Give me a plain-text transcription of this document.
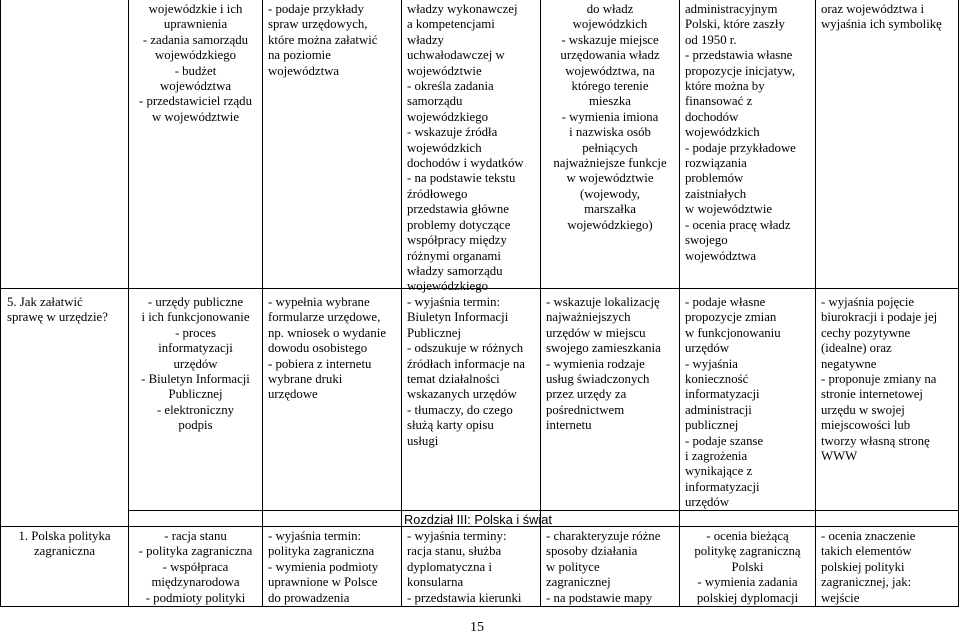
wojewódzkie i ich
uprawnienia
- zadania samorządu
wojewódzkiego
- budżet
województwa
- przedstawiciel rządu
w województwie
- podaje przykłady
spraw urzędowych,
które można załatwić
na poziomie
województwa
władzy wykonawczej
a kompetencjami
władzy
uchwałodawczej w
województwie
- określa zadania
samorządu
wojewódzkiego
- wskazuje źródła
wojewódzkich
dochodów i wydatków
- na podstawie tekstu
źródłowego
przedstawia główne
problemy dotyczące
współpracy między
różnymi organami
władzy samorządu
wojewódzkiego
do władz
wojewódzkich
- wskazuje miejsce
urzędowania władz
województwa, na
którego terenie
mieszka
- wymienia imiona
i nazwiska osób
pełniących
najważniejsze funkcje
w województwie
(wojewody,
marszałka
wojewódzkiego)
administracyjnym
Polski, które zaszły
od 1950 r.
- przedstawia własne
propozycje inicjatyw,
które można by
finansować z
dochodów
wojewódzkich
- podaje przykładowe
rozwiązania
problemów
zaistniałych
w województwie
- ocenia pracę władz
swojego
województwa
oraz województwa i
wyjaśnia ich symbolikę
5. Jak załatwić
sprawę w urzędzie?
- urzędy publiczne
i ich funkcjonowanie
- proces
informatyzacji
urzędów
- Biuletyn Informacji
Publicznej
- elektroniczny
podpis
- wypełnia wybrane
formularze urzędowe,
np. wniosek o wydanie
dowodu osobistego
- pobiera z internetu
wybrane druki
urzędowe
- wyjaśnia termin:
Biuletyn Informacji
Publicznej
- odszukuje w różnych
źródłach informacje na
temat działalności
wskazanych urzędów
- tłumaczy, do czego
służą karty opisu
usługi
- wskazuje lokalizację
najważniejszych
urzędów w miejscu
swojego zamieszkania
- wymienia rodzaje
usług świadczonych
przez urzędy za
pośrednictwem
internetu
- podaje własne
propozycje zmian
w funkcjonowaniu
urzędów
- wyjaśnia
konieczność
informatyzacji
administracji
publicznej
- podaje szanse
i zagrożenia
wynikające z
informatyzacji
urzędów
- wyjaśnia pojęcie
biurokracji i podaje jej
cechy pozytywne
(idealne) oraz
negatywne
- proponuje zmiany na
stronie internetowej
urzędu w swojej
miejscowości lub
tworzy własną stronę
WWW
Rozdział III: Polska i świat
1. Polska polityka
zagraniczna
- racja stanu
- polityka zagraniczna
- współpraca
międzynarodowa
- podmioty polityki
- wyjaśnia termin:
polityka zagraniczna
- wymienia podmioty
uprawnione w Polsce
do prowadzenia
- wyjaśnia terminy:
racja stanu, służba
dyplomatyczna i
konsularna
- przedstawia kierunki
- charakteryzuje różne
sposoby działania
w polityce
zagranicznej
- na podstawie mapy
- ocenia bieżącą
politykę zagraniczną
Polski
- wymienia zadania
polskiej dyplomacji
- ocenia znaczenie
takich elementów
polskiej polityki
zagranicznej, jak:
wejście
15
